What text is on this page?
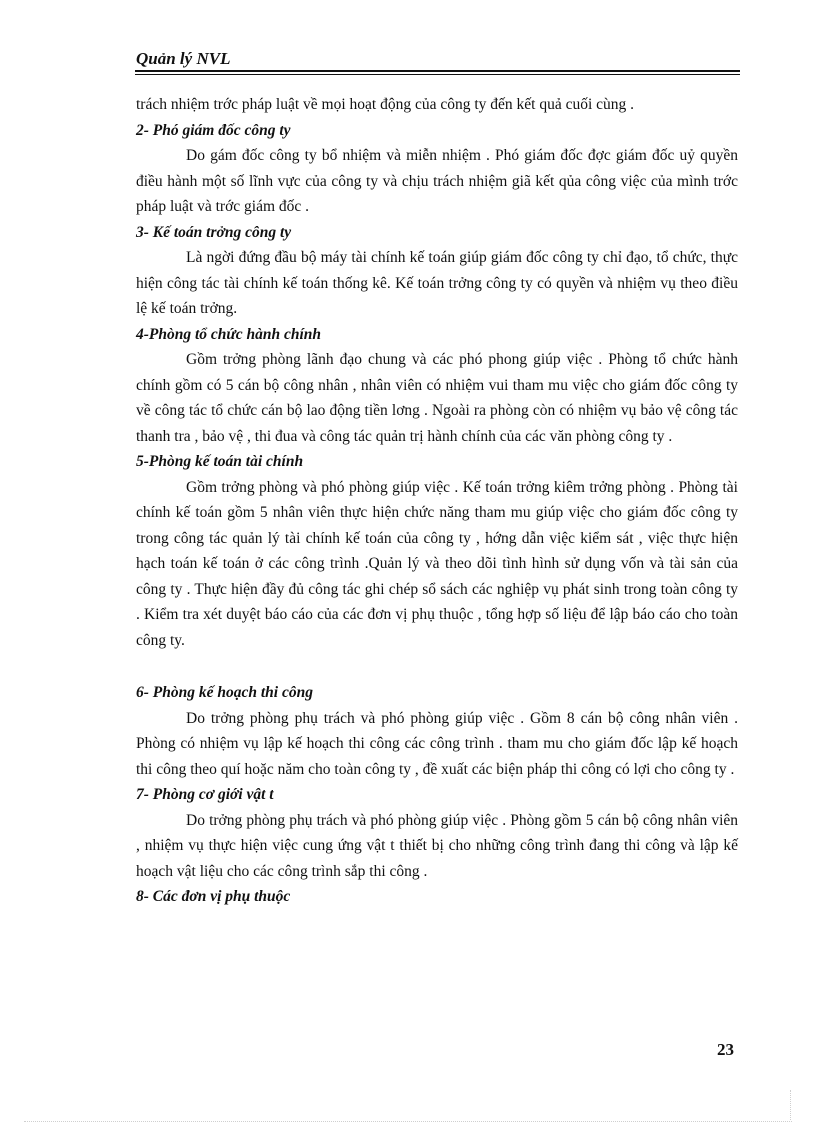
Quản lý NVL
trách nhiệm trớc pháp luật về mọi hoạt động của công ty đến kết quả cuối cùng .
2- Phó giám đốc công ty
Do gám đốc công ty bổ nhiệm và miễn nhiệm . Phó giám đốc đợc giám đốc uỷ quyền điều hành một số lĩnh vực của công ty và chịu trách nhiệm giã kết qủa công việc của mình trớc pháp luật và trớc giám đốc .
3- Kế toán trởng công ty
Là ngời đứng đầu bộ máy tài chính kế toán giúp giám đốc công ty chỉ đạo, tổ chức, thực hiện công tác tài chính kế toán thống kê. Kế toán trởng công ty có quyền và nhiệm vụ theo điều lệ kế toán trởng.
4-Phòng tổ chức hành chính
Gồm trởng phòng lãnh đạo chung và các phó phong giúp việc . Phòng tổ chức hành chính gồm có 5 cán bộ công nhân , nhân viên có nhiệm vui tham mu việc cho giám đốc công ty về công tác tổ chức cán bộ lao động tiền lơng . Ngoài ra phòng còn có nhiệm vụ bảo vệ công tác thanh tra , bảo vệ , thi đua và công tác quản trị hành chính của các văn phòng công ty .
5-Phòng kế toán tài chính
Gồm trởng phòng và phó phòng giúp việc . Kế toán trởng kiêm trởng phòng . Phòng tài chính kế toán gồm 5 nhân viên thực hiện chức năng tham mu giúp việc cho giám đốc công ty trong công tác quản lý tài chính kế toán của công ty , hớng dẫn việc kiểm sát , việc thực hiện hạch toán kế toán ở các công trình .Quản lý và theo dõi tình hình sử dụng vốn và tài sản của công ty . Thực hiện đầy đủ công tác ghi chép sổ sách các nghiệp vụ phát sinh trong toàn công ty . Kiểm tra xét duyệt báo cáo của các đơn vị phụ thuộc , tổng hợp số liệu để lập báo cáo cho toàn công ty.
6- Phòng kế hoạch thi công
Do trởng phòng phụ trách và phó phòng giúp việc . Gồm 8 cán bộ công nhân viên . Phòng có nhiệm vụ lập kế hoạch thi công các công trình . tham mu cho giám đốc lập kế hoạch thi công theo quí hoặc năm cho toàn công ty , đề xuất các biện pháp thi công có lợi cho công ty .
7- Phòng cơ giới vật t
Do trởng phòng phụ trách và phó phòng giúp việc . Phòng gồm 5 cán bộ công nhân viên , nhiệm vụ thực hiện việc cung ứng vật t thiết bị cho những công trình đang thi công và lập kế hoạch vật liệu cho các công trình sắp thi công .
8- Các đơn vị phụ thuộc
23
